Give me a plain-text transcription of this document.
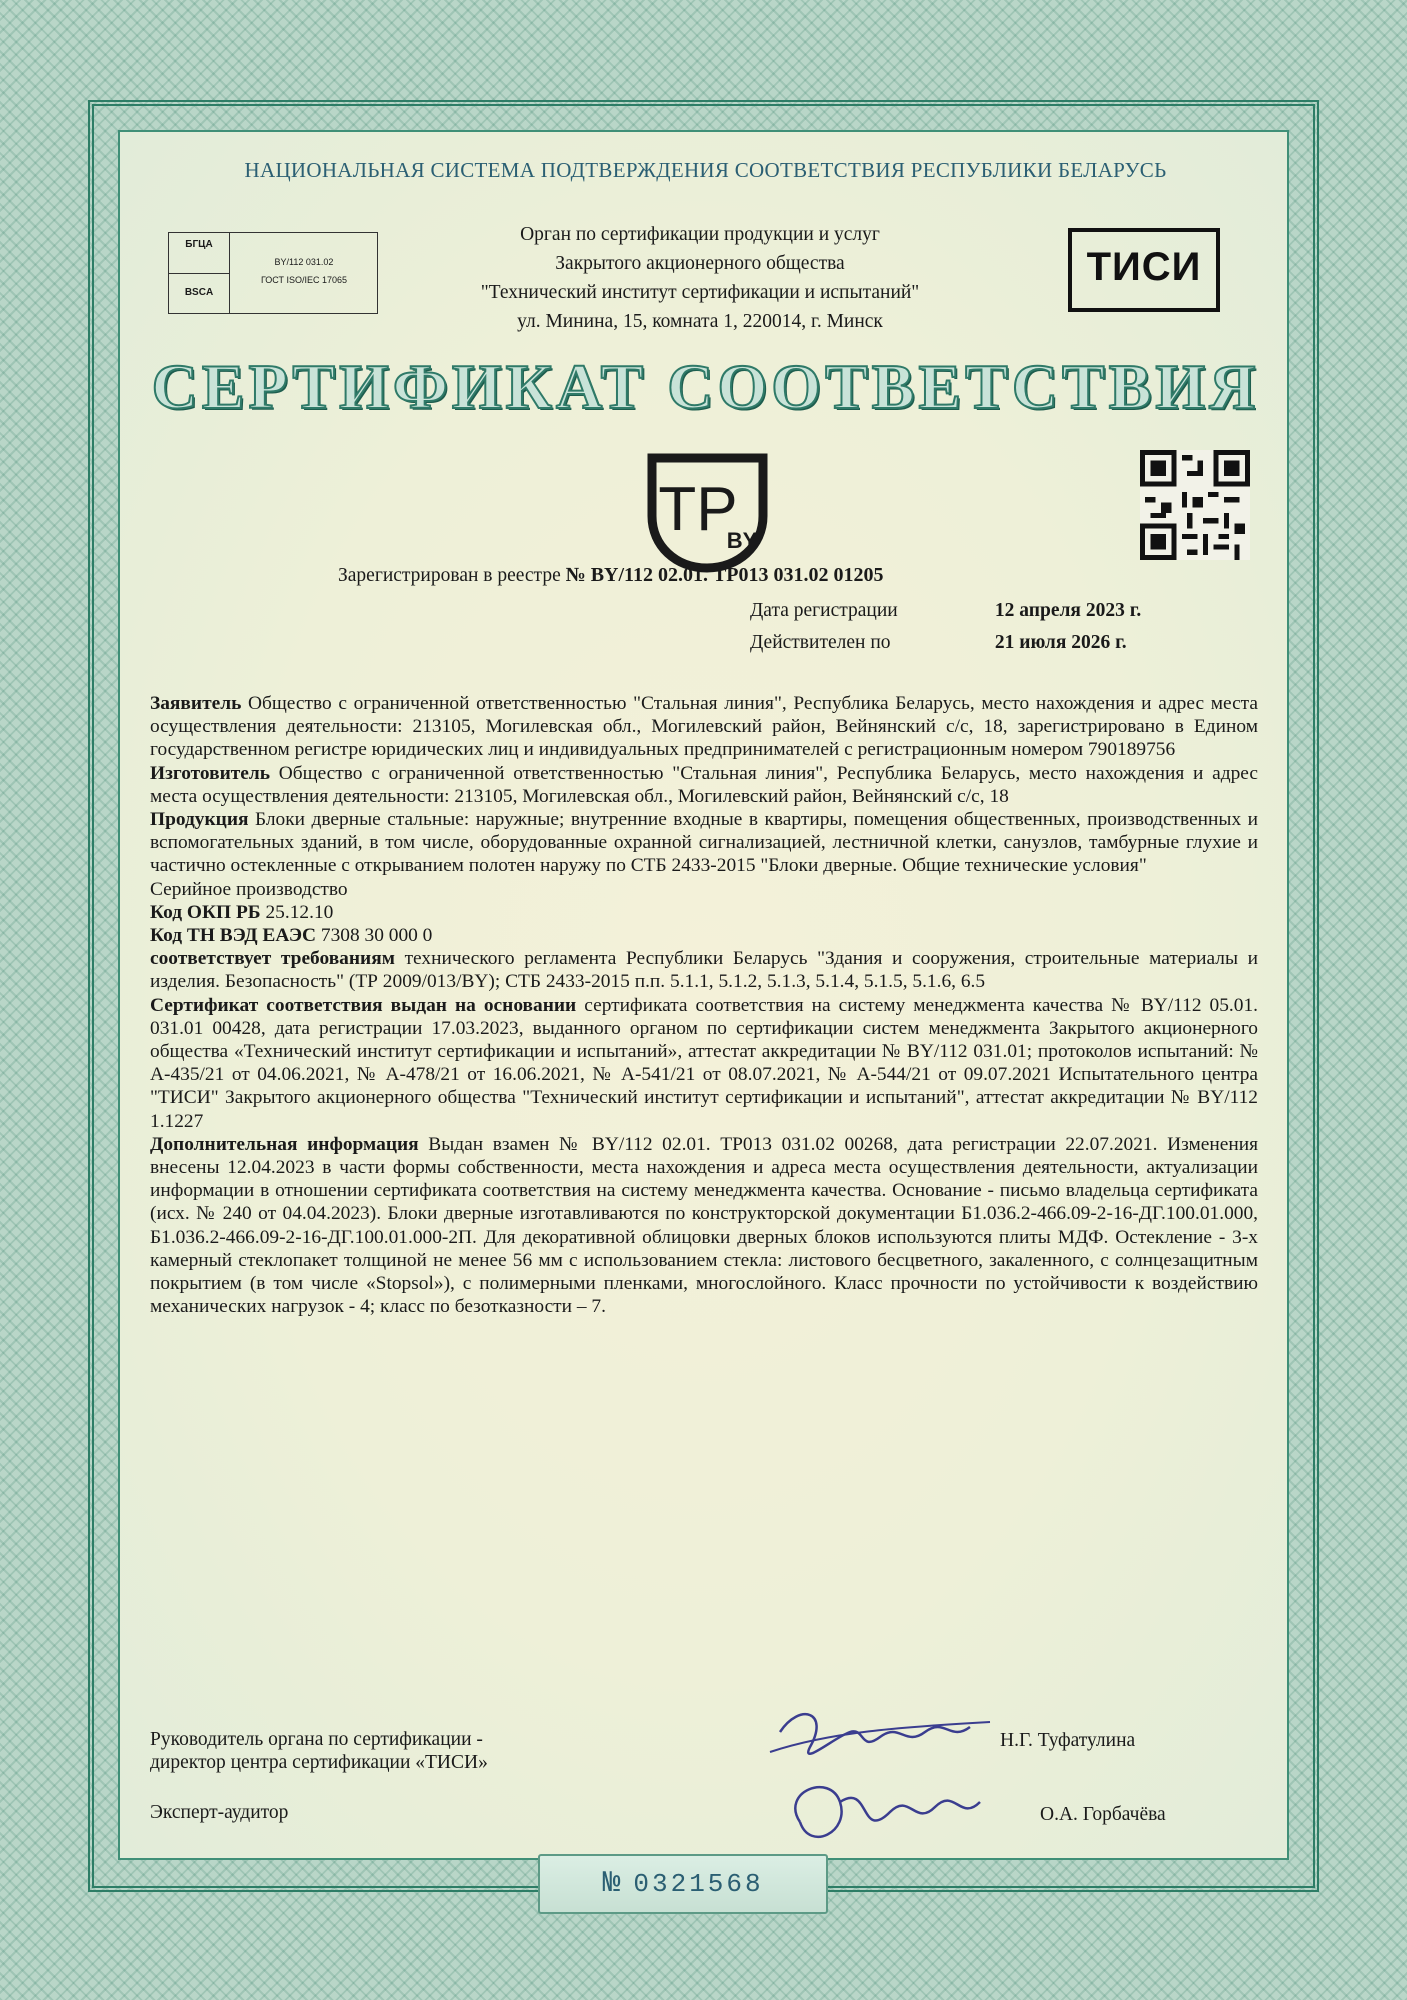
НАЦИОНАЛЬНАЯ СИСТЕМА ПОДТВЕРЖДЕНИЯ СООТВЕТСТВИЯ РЕСПУБЛИКИ БЕЛАРУСЬ
БГЦА
BSCA
BY/112 031.02
ГОСТ ISO/IEC 17065
Орган по сертификации продукции и услуг
Закрытого акционерного общества
"Технический институт сертификации и испытаний"
ул. Минина, 15, комната 1, 220014, г. Минск
ТИСИ
СЕРТИФИКАТ СООТВЕТСТВИЯ
TP
BY
Зарегистрирован в реестре № BY/112 02.01. ТР013 031.02 01205
Дата регистрации	12 апреля 2023 г.
Действителен по	21 июля 2026 г.

Заявитель Общество с ограниченной ответственностью "Стальная линия", Республика Беларусь, место нахождения и адрес места осуществления деятельности: 213105, Могилевская обл., Могилевский район, Вейнянский с/с, 18, зарегистрировано в Едином государственном регистре юридических лиц и индивидуальных предпринимателей с регистрационным номером 790189756

Изготовитель Общество с ограниченной ответственностью "Стальная линия", Республика Беларусь, место нахождения и адрес места осуществления деятельности: 213105, Могилевская обл., Могилевский район, Вейнянский с/с, 18

Продукция Блоки дверные стальные: наружные; внутренние входные в квартиры, помещения общественных, производственных и вспомогательных зданий, в том числе, оборудованные охранной сигнализацией, лестничной клетки, санузлов, тамбурные глухие и частично остекленные с открыванием полотен наружу по СТБ 2433-2015 "Блоки дверные. Общие технические условия"

Серийное производство

Код ОКП РБ 25.12.10

Код ТН ВЭД ЕАЭС 7308 30 000 0

соответствует требованиям технического регламента Республики Беларусь "Здания и сооружения, строительные материалы и изделия. Безопасность" (ТР 2009/013/BY); СТБ 2433-2015 п.п. 5.1.1, 5.1.2, 5.1.3, 5.1.4, 5.1.5, 5.1.6, 6.5

Сертификат соответствия выдан на основании сертификата соответствия на систему менеджмента качества № BY/112 05.01. 031.01 00428, дата регистрации 17.03.2023, выданного органом по сертификации систем менеджмента Закрытого акционерного общества «Технический институт сертификации и испытаний», аттестат аккредитации № BY/112 031.01; протоколов испытаний: № А-435/21 от 04.06.2021, № А-478/21 от 16.06.2021, № А-541/21 от 08.07.2021, № А-544/21 от 09.07.2021 Испытательного центра "ТИСИ" Закрытого акционерного общества "Технический институт сертификации и испытаний", аттестат аккредитации № BY/112 1.1227

Дополнительная информация Выдан взамен № BY/112 02.01. ТР013 031.02 00268, дата регистрации 22.07.2021. Изменения внесены 12.04.2023 в части формы собственности, места нахождения и адреса места осуществления деятельности, актуализации информации в отношении сертификата соответствия на систему менеджмента качества. Основание - письмо владельца сертификата (исх. № 240 от 04.04.2023). Блоки дверные изготавливаются по конструкторской документации Б1.036.2-466.09-2-16-ДГ.100.01.000, Б1.036.2-466.09-2-16-ДГ.100.01.000-2П. Для декоративной облицовки дверных блоков используются плиты МДФ. Остекление - 3-х камерный стеклопакет толщиной не менее 56 мм с использованием стекла: листового бесцветного, закаленного, с солнцезащитным покрытием (в том числе «Stopsol»), с полимерными пленками, многослойного. Класс прочности по устойчивости к воздействию механических нагрузок - 4; класс по безотказности – 7.

Руководитель органа по сертификации -
директор центра сертификации «ТИСИ»
Н.Г. Туфатулина
Эксперт-аудитор	О.А. Горбачёва
№ 0321568
